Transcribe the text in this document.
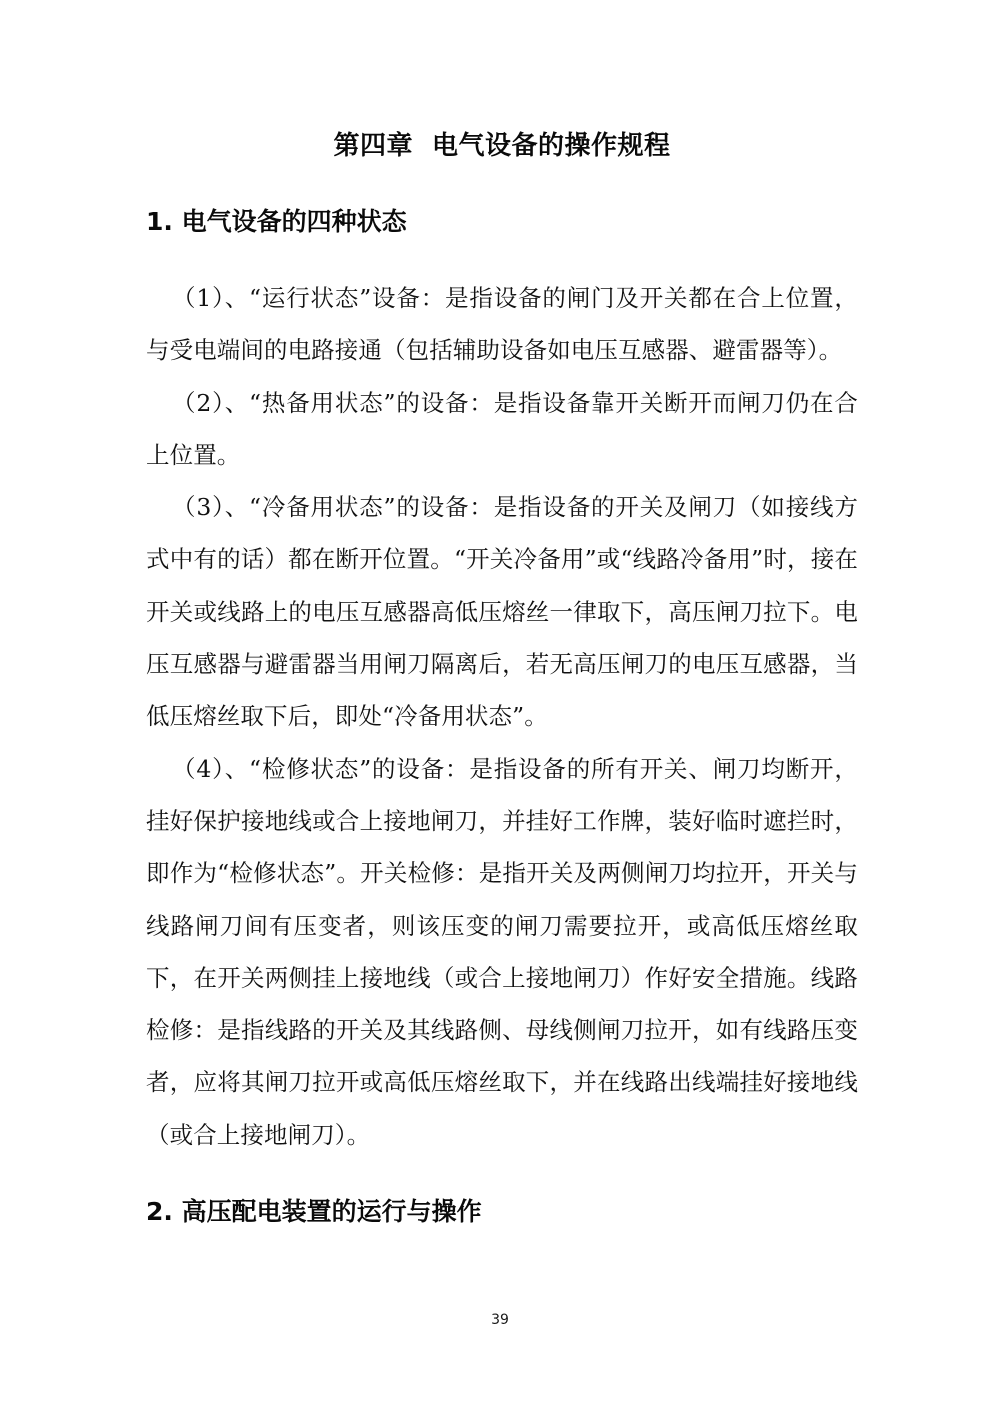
第四章  电气设备的操作规程
1. 电气设备的四种状态

（1）、“运行状态”设备：是指设备的闸门及开关都在合上位置，与受电端间的电路接通（包括辅助设备如电压互感器、避雷器等）。

（2）、“热备用状态”的设备：是指设备靠开关断开而闸刀仍在合上位置。

（3）、“冷备用状态”的设备：是指设备的开关及闸刀（如接线方式中有的话）都在断开位置。“开关冷备用”或“线路冷备用”时，接在开关或线路上的电压互感器高低压熔丝一律取下，高压闸刀拉下。电压互感器与避雷器当用闸刀隔离后，若无高压闸刀的电压互感器，当低压熔丝取下后，即处“冷备用状态”。

（4）、“检修状态”的设备：是指设备的所有开关、闸刀均断开，挂好保护接地线或合上接地闸刀，并挂好工作牌，装好临时遮拦时，即作为“检修状态”。开关检修：是指开关及两侧闸刀均拉开，开关与线路闸刀间有压变者，则该压变的闸刀需要拉开，或高低压熔丝取下，在开关两侧挂上接地线（或合上接地闸刀）作好安全措施。线路检修：是指线路的开关及其线路侧、母线侧闸刀拉开，如有线路压变者，应将其闸刀拉开或高低压熔丝取下，并在线路出线端挂好接地线（或合上接地闸刀）。

2. 高压配电装置的运行与操作
39
